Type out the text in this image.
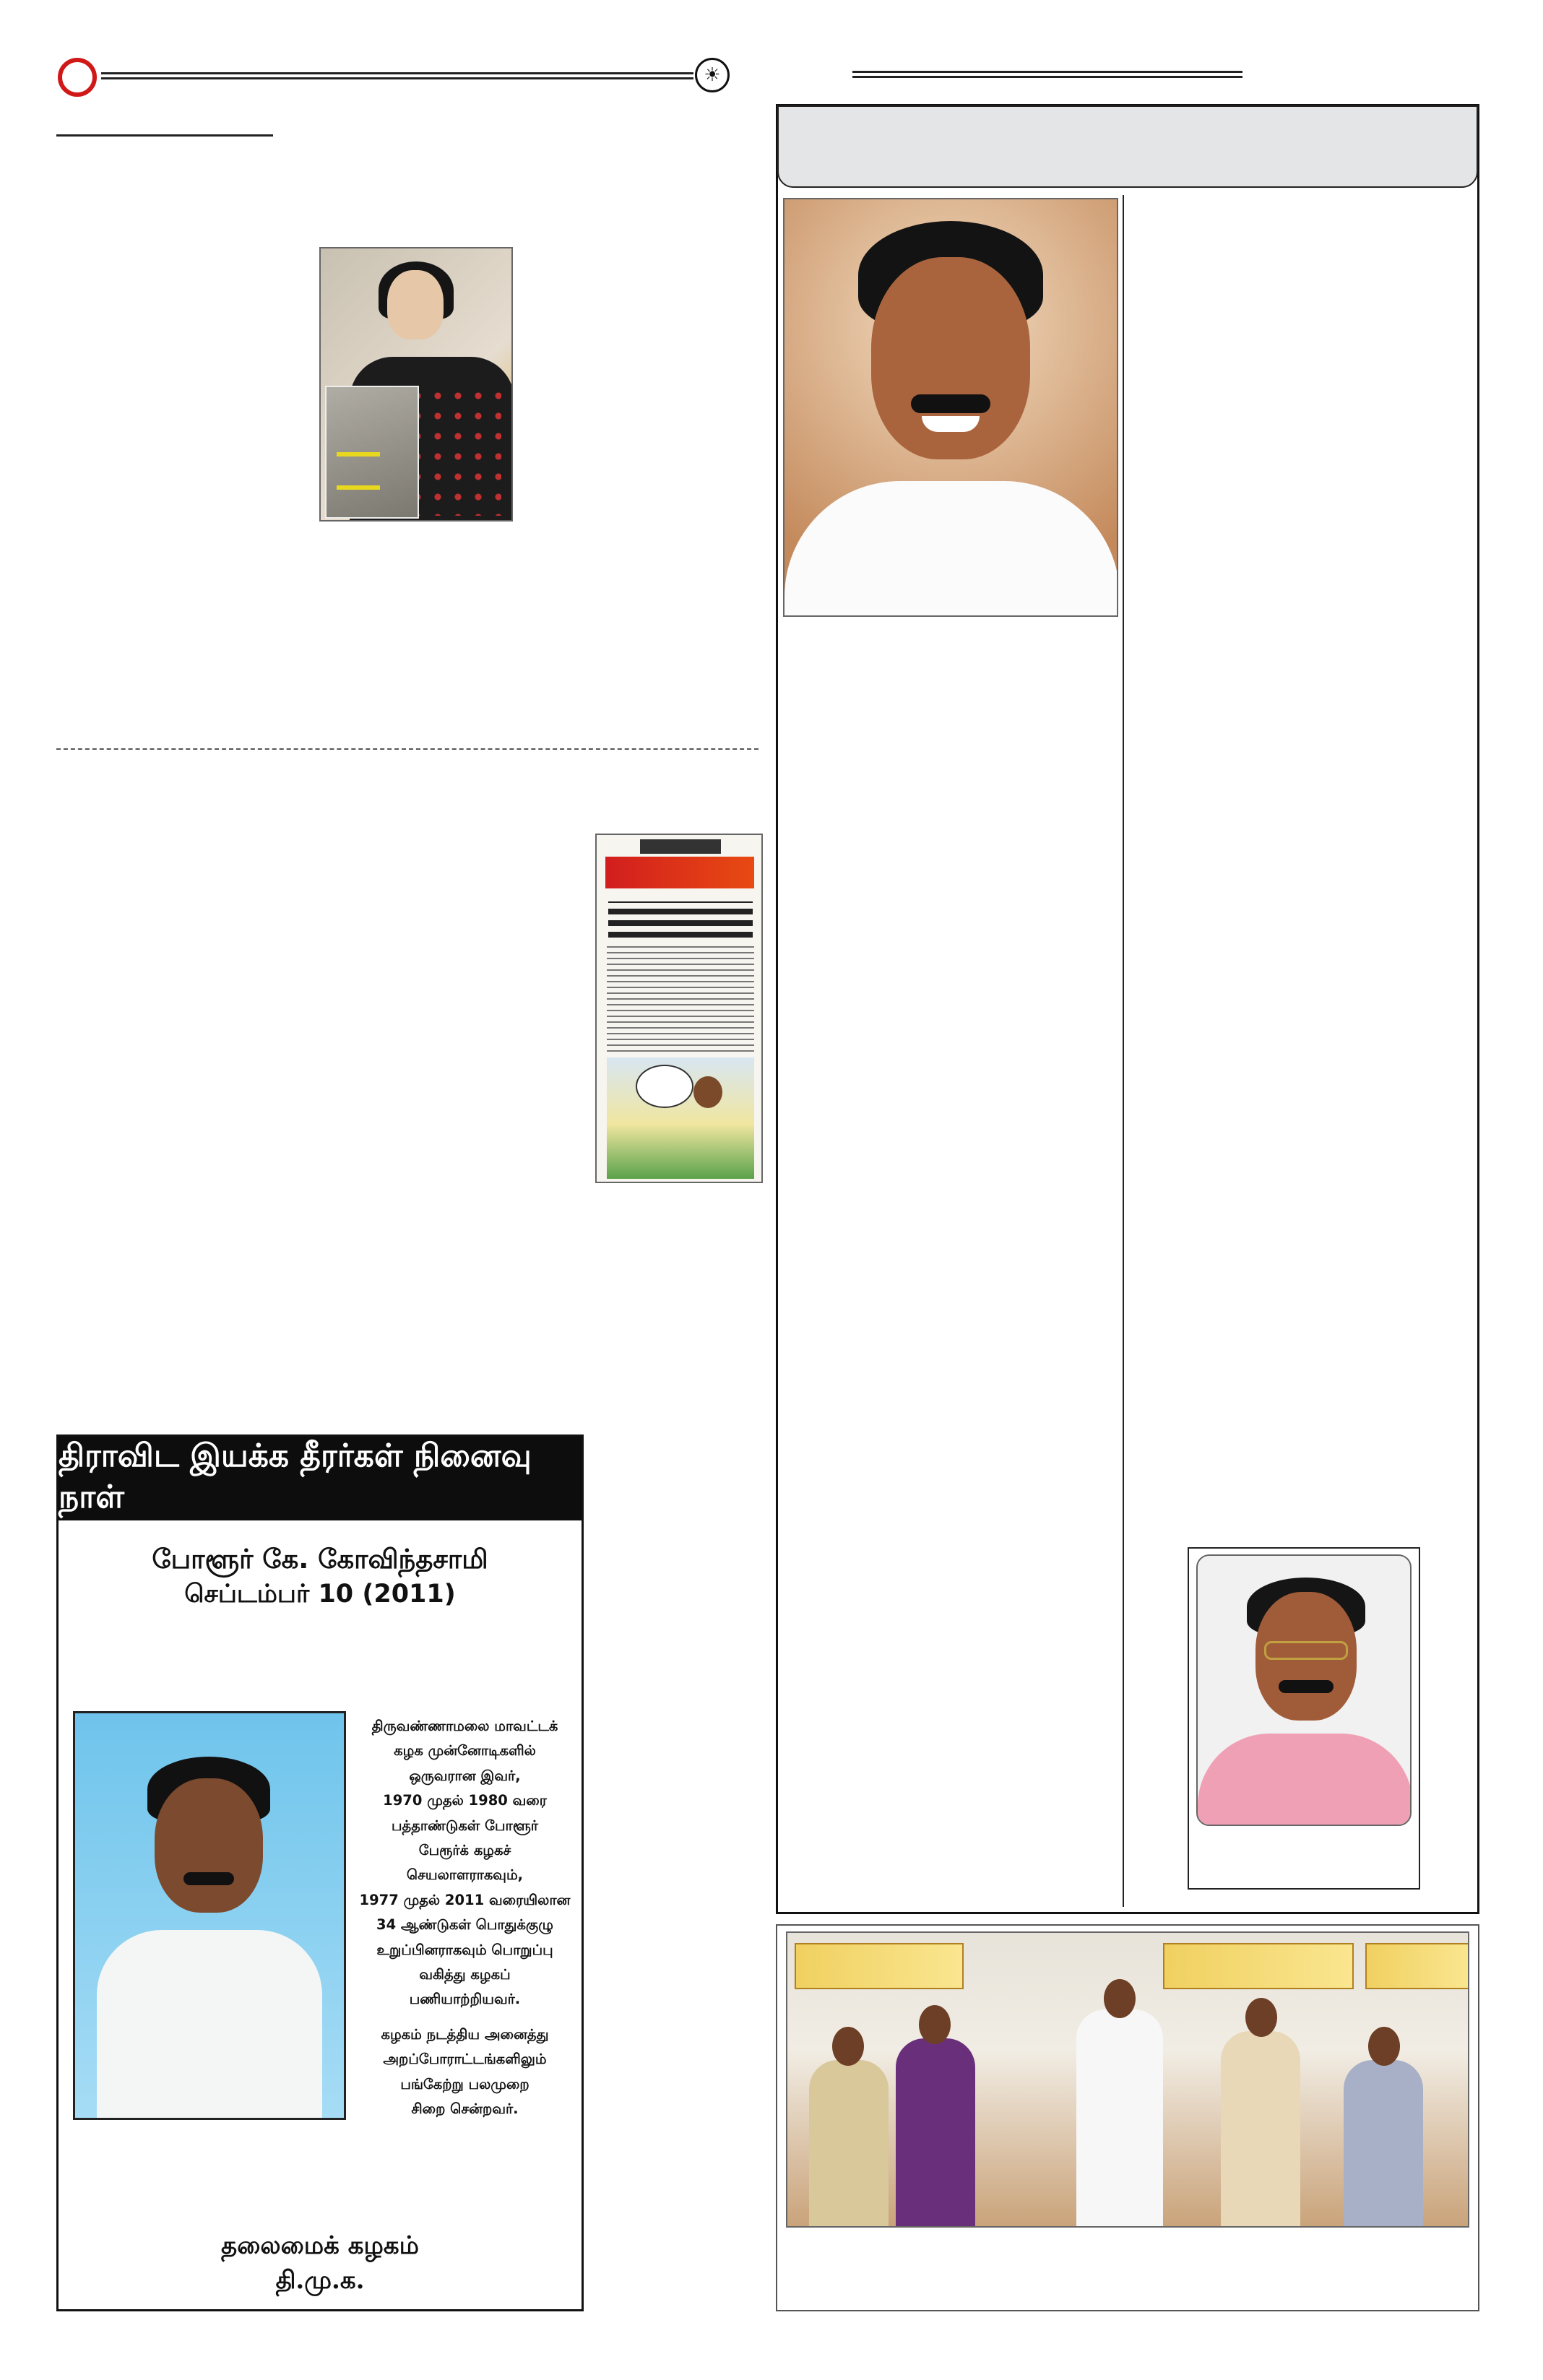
☀
திராவிட இயக்க தீரர்கள் நினைவு நாள்
போளூர் கே. கோவிந்தசாமி
செப்டம்பர் 10 (2011)

திருவண்ணாமலை மாவட்டக்
கழக முன்னோடிகளில்
ஒருவரான இவர்,
1970 முதல் 1980 வரை
பத்தாண்டுகள் போளூர்
பேரூர்க் கழகச்
செயலாளராகவும்,
1977 முதல் 2011 வரையிலான
34 ஆண்டுகள் பொதுக்குழு
உறுப்பினராகவும் பொறுப்பு
வகித்து கழகப்
பணியாற்றியவர்.

கழகம் நடத்திய அனைத்து
அறப்போராட்டங்களிலும்
பங்கேற்று பலமுறை
சிறை சென்றவர்.

தலைமைக் கழகம்
தி.மு.க.
